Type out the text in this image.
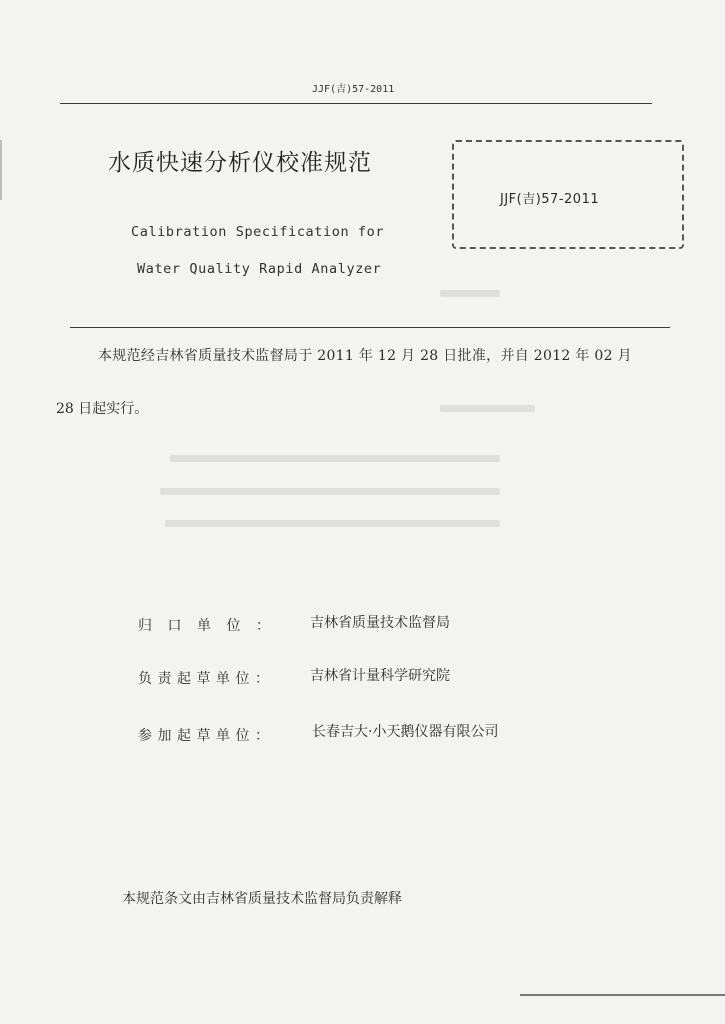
JJF(吉)57-2011
水质快速分析仪校准规范
JJF(吉)57-2011
Calibration Specification for
Water Quality Rapid Analyzer
本规范经吉林省质量技术监督局于 2011 年 12 月 28 日批准，并自 2012 年 02 月
28 日起实行。
归口单位： 吉林省质量技术监督局
负责起草单位：	吉林省计量科学研究院
参加起草单位：	长春吉大·小天鹅仪器有限公司
本规范条文由吉林省质量技术监督局负责解释
